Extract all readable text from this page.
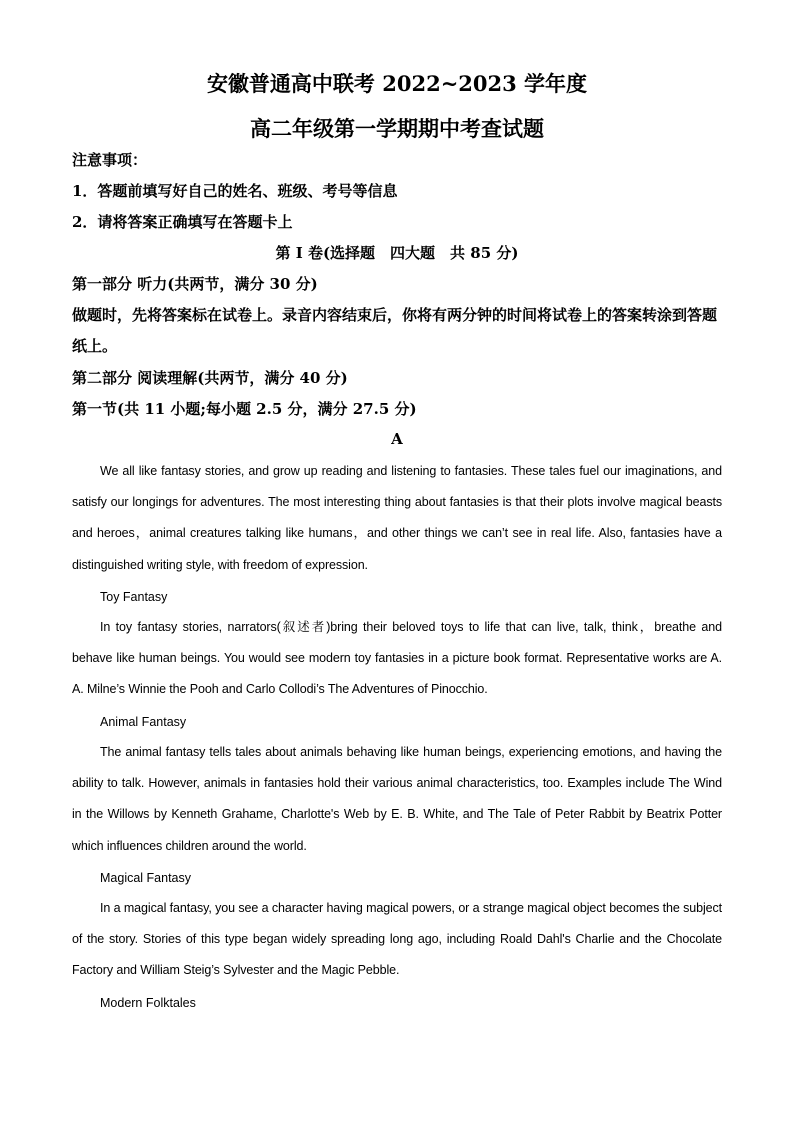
安徽普通高中联考 2022~2023 学年度
高二年级第一学期期中考查试题
注意事项：
1．答题前填写好自己的姓名、班级、考号等信息
2．请将答案正确填写在答题卡上
第 I 卷(选择题　四大题　共 85 分)
第一部分 听力(共两节，满分 30 分)
做题时，先将答案标在试卷上。录音内容结束后，你将有两分钟的时间将试卷上的答案转涂到答题纸上。
第二部分 阅读理解(共两节，满分 40 分)
第一节(共 11 小题;每小题 2.5 分，满分 27.5 分)
A
We all like fantasy stories, and grow up reading and listening to fantasies. These tales fuel our imaginations, and satisfy our longings for adventures. The most interesting thing about fantasies is that their plots involve magical beasts and heroes，animal creatures talking like humans，and other things we can’t see in real life. Also, fantasies have a distinguished writing style, with freedom of expression.
Toy Fantasy
In toy fantasy stories, narrators(叙述者)bring their beloved toys to life that can live, talk, think，breathe and behave like human beings. You would see modern toy fantasies in a picture book format. Representative works are A. A. Milne’s Winnie the Pooh and Carlo Collodi’s The Adventures of Pinocchio.
Animal Fantasy
The animal fantasy tells tales about animals behaving like human beings, experiencing emotions, and having the ability to talk. However, animals in fantasies hold their various animal characteristics, too. Examples include The Wind in the Willows by Kenneth Grahame, Charlotte's Web by E. B. White, and The Tale of Peter Rabbit by Beatrix Potter which influences children around the world.
Magical Fantasy
In a magical fantasy, you see a character having magical powers, or a strange magical object becomes the subject of the story. Stories of this type began widely spreading long ago, including Roald Dahl's Charlie and the Chocolate Factory and William Steig’s Sylvester and the Magic Pebble.
Modern Folktales
